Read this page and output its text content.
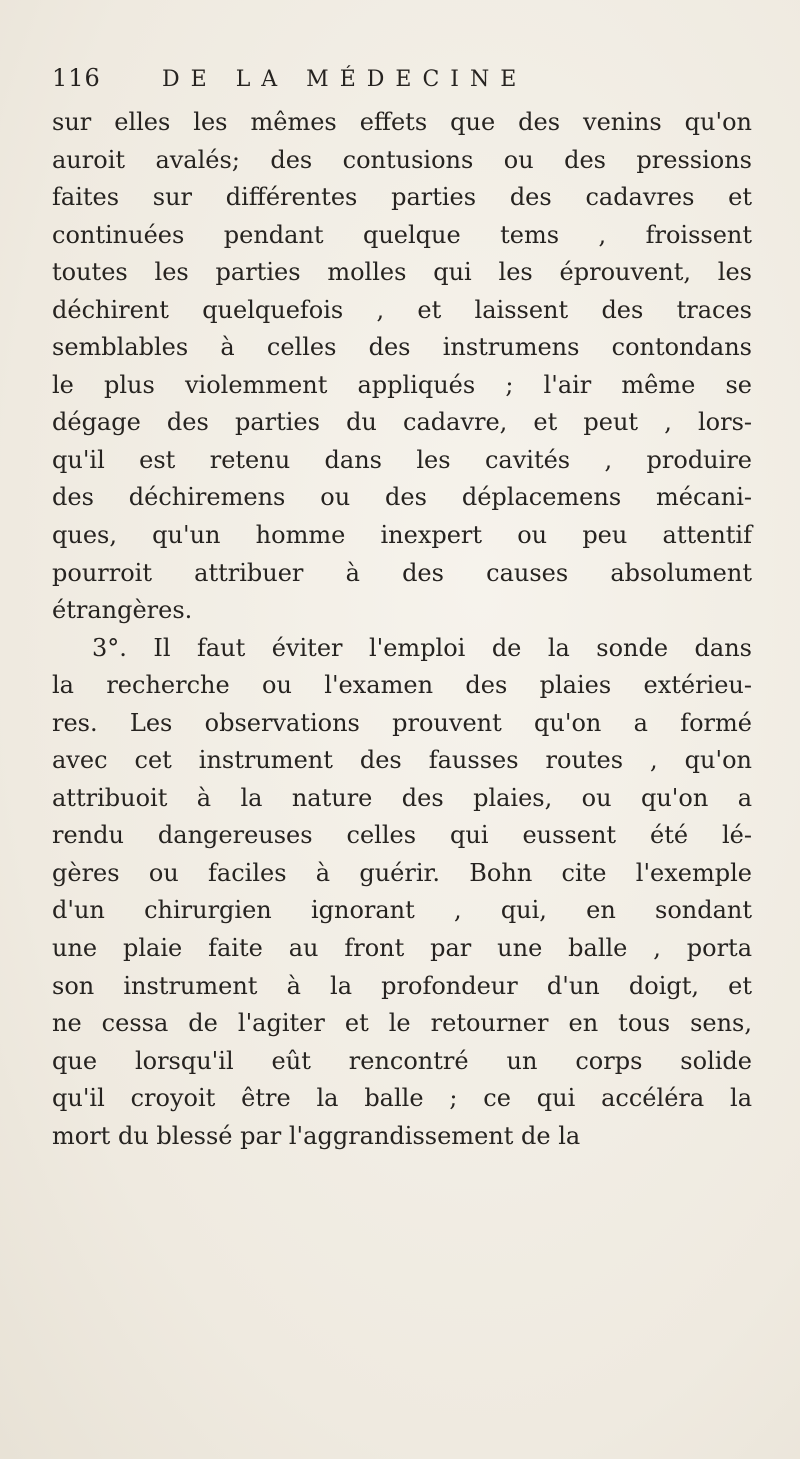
116	DE LA MÉDECINE
sur elles les mêmes effets que des venins qu'on
auroit avalés; des contusions ou des pressions
faites sur différentes parties des cadavres et
continuées pendant quelque tems , froissent
toutes les parties molles qui les éprouvent, les
déchirent quelquefois , et laissent des traces
semblables à celles des instrumens contondans
le plus violemment appliqués ; l'air même se
dégage des parties du cadavre, et peut , lors-
qu'il est retenu dans les cavités , produire
des déchiremens ou des déplacemens mécani-
ques, qu'un homme inexpert ou peu attentif
pourroit attribuer à des causes absolument
étrangères.
3°. Il faut éviter l'emploi de la sonde dans
la recherche ou l'examen des plaies extérieu-
res. Les observations prouvent qu'on a formé
avec cet instrument des fausses routes , qu'on
attribuoit à la nature des plaies, ou qu'on a
rendu dangereuses celles qui eussent été lé-
gères ou faciles à guérir. Bohn cite l'exemple
d'un chirurgien ignorant , qui, en sondant
une plaie faite au front par une balle , porta
son instrument à la profondeur d'un doigt, et
ne cessa de l'agiter et le retourner en tous sens,
que lorsqu'il eût rencontré un corps solide
qu'il croyoit être la balle ; ce qui accéléra la
mort du blessé par l'aggrandissement de la
